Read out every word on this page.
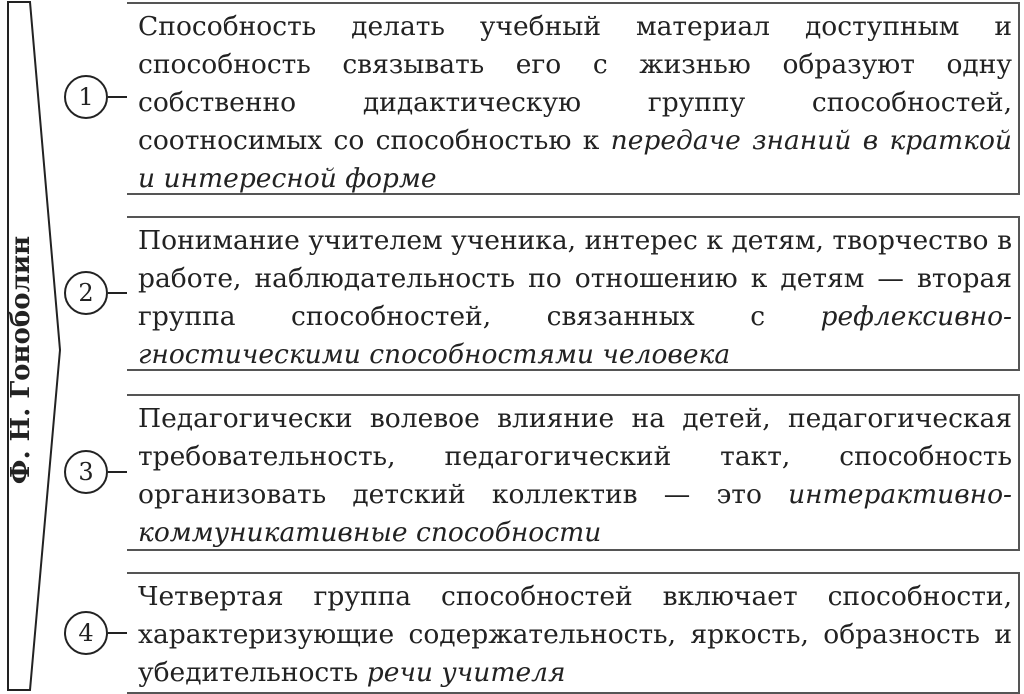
Ф. Н. Гоноболин
1
2
3
4
Способность делать учебный материал доступным и способность связывать его с жизнью образуют одну собственно дидактическую группу способностей, соотносимых со способностью к передаче знаний в краткой и интересной форме
Понимание учителем ученика, интерес к детям, творчество в работе, наблюдательность по отношению к детям — вторая группа способностей, связанных с рефлексивно-гностическими способностями человека
Педагогически волевое влияние на детей, педагогическая требовательность, педагогический такт, способность организовать детский коллектив — это интерактивно-коммуникативные способности
Четвертая группа способностей включает способности, характеризующие содержательность, яркость, образность и убедительность речи учителя
